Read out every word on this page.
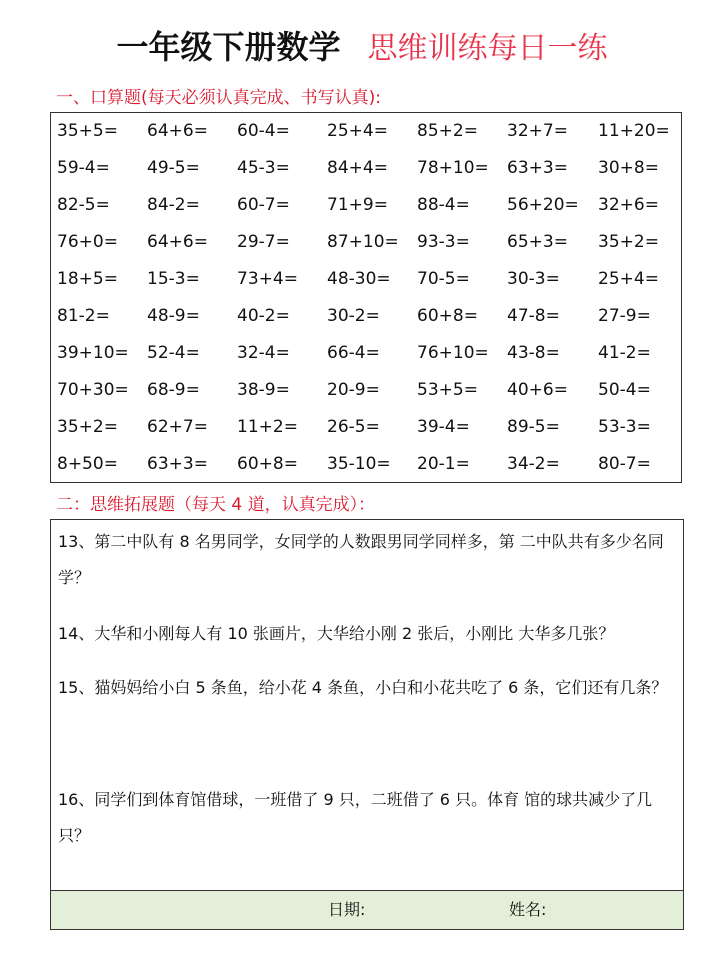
一年级下册数学 思维训练每日一练
一、口算题(每天必须认真完成、书写认真):
35+5=	64+6=	60-4=	25+4=	85+2=	32+7=	11+20=
59-4=	49-5=	45-3=	84+4=	78+10=	63+3=	30+8=
82-5=	84-2=	60-7=	71+9=	88-4=	56+20=	32+6=
76+0=	64+6=	29-7=	87+10=	93-3=	65+3=	35+2=
18+5=	15-3=	73+4=	48-30=	70-5=	30-3=	25+4=
81-2=	48-9=	40-2=	30-2=	60+8=	47-8=	27-9=
39+10=	52-4=	32-4=	66-4=	76+10=	43-8=	41-2=
70+30=	68-9=	38-9=	20-9=	53+5=	40+6=	50-4=
35+2=	62+7=	11+2=	26-5=	39-4=	89-5=	53-3=
8+50=	63+3=	60+8=	35-10=	20-1=	34-2=	80-7=
二：思维拓展题（每天 4 道，认真完成）：
13、第二中队有 8 名男同学，女同学的人数跟男同学同样多，第 二中队共有多少名同学？
14、大华和小刚每人有 10 张画片，大华给小刚 2 张后，小刚比 大华多几张？
15、猫妈妈给小白 5 条鱼，给小花 4 条鱼，小白和小花共吃了 6 条，它们还有几条？
16、同学们到体育馆借球，一班借了 9 只，二班借了 6 只。体育 馆的球共减少了几只？
日期:	姓名:
